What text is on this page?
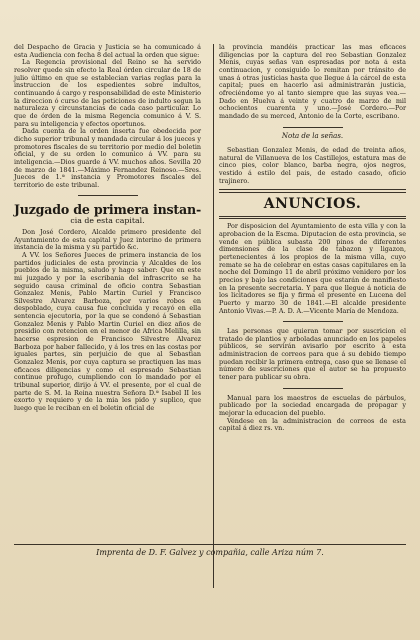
del Despacho de Gracia y Justicia se ha comunicado á esta Audiencia con fecha 8 del actual la orden que sigue:

La Regencia provisional del Reino se ha servido resolver quede sin efecto la Real órden circular de 18 de julio último en que se establecian varias reglas para la instruccion de los espedientes sobre indultos, continuando á cargo y responsabilidad de este Ministerio la direccion ó curso de las peticiones de indulto segun la naturaleza y circunstancias de cada caso particular. Lo que de órden de la misma Regencia comunico á V. S. para su inteligencia y efectos oportunos.

Dada cuenta de la orden inserta fue obedecida por dicho superior tribunal y mandada circular á los jueces y promotores fiscales de su territorio por medio del boletin oficial, y de su orden lo comunico á VV. para su inteligencia.—Dios guarde á VV. muchos años. Sevilla 20 de marzo de 1841.—Máximo Fernandez Reinoso.—Sres. Jueces de 1.ª instancia y Promotores fiscales del territorio de este tribunal.

Juzgado de primera instan-
cia de esta capital.

Don José Cordero, Alcalde primero presidente del Ayuntamiento de esta capital y Juez interino de primera instancia de la misma y su partido &c.

A VV. los Señores Jueces de primera instancia de los partidos judiciales de esta provincia y Alcaldes de los pueblos de la misma, saludo y hago saber: Que en este mi juzgado y por la escribania del infrascrito se ha seguido causa criminal de oficio contra Sebastian Gonzalez Menis, Pablo Martin Curiel y Francisco Silvestre Alvarez Barboza, por varios robos en despoblado, cuya causa fue concluida y recayó en ella sentencia ejecutoria, por la que se condenó á Sebastian Gonzalez Menis y Pablo Martin Curiel en diez años de presidio con retencion en el menor de Africa Melilla, sin hacerse espresion de Francisco Silvestre Alvarez Barboza por haber fallecido, y á los tres en las costas por iguales partes, sin perjuicio de que al Sebastian Gonzalez Menis, por cuya captura se practiquen las mas eficaces diligencias y como el espresado Sebastian continue profugo, cumpliendo con lo mandado por el tribunal superior, dirijo á VV. el presente, por el cual de parte de S. M. la Reina nuestra Señora D.ª Isabel II les exorto y requiero y de la mia les pido y suplico, que luego que le reciban en el boletin oficial de

la provincia mandéis practicar las mas eficaces diligencias por la captura del reo Sebastian Gonzalez Menis, cuyas señas van espresadas por nota á esta continuacion, y consiguido lo remitan por tránsito de unas á otras justicias hasta que llegue á la cárcel de esta capital; pues en hacerlo asi administrarán justicia, ofreciéndome yo al tanto siempre que las suyas vea.—Dado en Huelva á veinte y cuatro de marzo de mil ochocientos cuarenta y uno.—José Cordero.—Por mandado de su merced, Antonio de la Corte, escribano.

Nota de la señas.

Sebastian Gonzalez Menis, de edad de treinta años, natural de Villanueva de los Castillejos, estatura mas de cinco pies, color blanco, barba negra, ojos negros, vestido á estilo del pais, de estado casado, oficio trajinero.

ANUNCIOS.

Por disposicion del Ayuntamiento de esta villa y con la aprobacion de la Escma. Diputacion de esta provincia, se vende en pública subasta 200 pinos de diferentes dimensiones de la clase de tabazon y ligazon, pertenecientes á los propios de la misma villa, cuyo remate se ha de celebrar en estas casas capitulares en la noche del Domingo 11 de abril próximo venidero por los precios y bajo las condiciones que estarán de manifiesto en la presente secretaria. Y para que llegue á noticia de los licitadores se fija y firma el presente en Lucena del Puerto y marzo 30 de 1841.—El alcalde presidente Antonio Vivas.—P. A. D. A.—Vicente María de Mendoza.

Las personas que quieran tomar por suscricion el tratado de plantios y arboladas anunciado en los papeles públicos, se servirán avisarlo por escrito á esta administracion de correos para que á su debido tiempo puedan recibir la primera entrega, caso que se llenase el número de suscriciones que el autor se ha propuesto tener para publicar su obra.

Manual para los maestros de escuelas de párbulos, publicado por la sociedad encargada de propagar y mejorar la educacion del pueblo.

Véndese en la administracion de correos de esta capital á diez rs. vn.

Imprenta de D. F. Galvez y compañia, calle Ariza núm 7.
